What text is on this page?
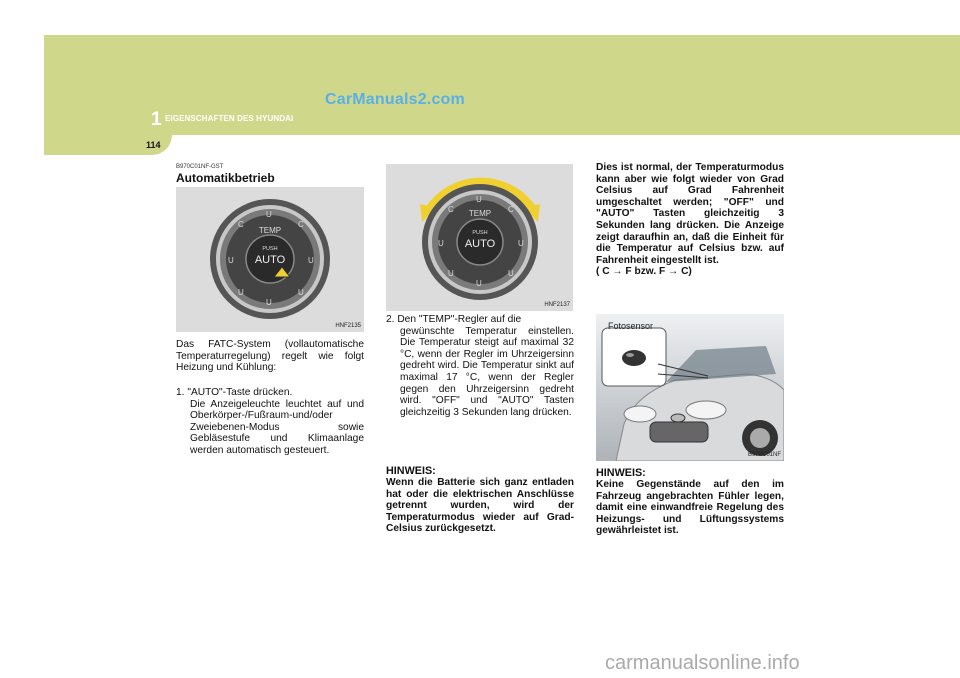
1 EIGENSCHAFTEN DES HYUNDAI
CarManuals2.com
114
B970C01NF-GST
Automatikbetrieb
U
C	C
U	U
U	U
U
TEMP
PUSH
AUTO
HNF2135
Das FATC-System (vollautomatische Temperaturregelung) regelt wie folgt Heizung und Kühlung:
1. "AUTO"-Taste drücken.
Die Anzeigeleuchte leuchtet auf und Oberkörper-/Fußraum-und/oder Zweiebenen-Modus sowie Gebläsestufe und Klimaanlage werden automatisch gesteuert.
U
C	C
U	U
U	U
U
TEMP
PUSH
AUTO
HNF2137
2. Den "TEMP"-Regler auf die
gewünschte Temperatur einstellen. Die Temperatur steigt auf maximal 32 °C, wenn der Regler im Uhrzeigersinn gedreht wird. Die Temperatur sinkt auf maximal 17 °C, wenn der Regler gegen den Uhrzeigersinn gedreht wird. "OFF" und "AUTO" Tasten gleichzeitig 3 Sekunden lang drücken.
HINWEIS:
Wenn die Batterie sich ganz entladen hat oder die elektrischen Anschlüsse getrennt wurden, wird der Temperaturmodus wieder auf Grad-Celsius zurückgesetzt.
Dies ist normal, der Temperaturmodus kann aber wie folgt wieder von Grad Celsius auf Grad Fahrenheit umgeschaltet werden; "OFF" und "AUTO" Tasten gleichzeitig 3 Sekunden lang drücken. Die Anzeige zeigt daraufhin an, daß die Einheit für die Temperatur auf Celsius bzw. auf Fahrenheit eingestellt ist.
( C → F bzw. F → C)
Fotosensor
B970C01NF
HINWEIS:
Keine Gegenstände auf den im Fahrzeug angebrachten Fühler legen, damit eine einwandfreie Regelung des Heizungs- und Lüftungssystems gewährleistet ist.
carmanualsonline.info
